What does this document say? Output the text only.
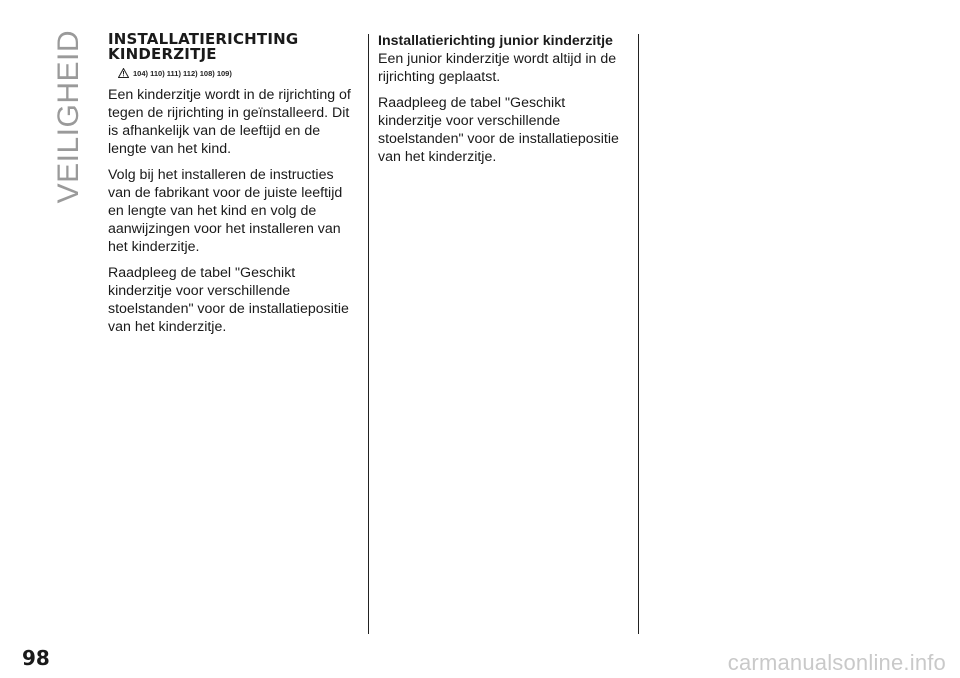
VEILIGHEID INSTALLATIERICHTING KINDERZITJE
104) 110) 111) 112) 108) 109)

Een kinderzitje wordt in de rijrichting of tegen de rijrichting in geïnstalleerd. Dit is afhankelijk van de leeftijd en de lengte van het kind.

Volg bij het installeren de instructies van de fabrikant voor de juiste leeftijd en lengte van het kind en volg de aanwijzingen voor het installeren van het kinderzitje.

Raadpleeg de tabel "Geschikt kinderzitje voor verschillende stoelstanden" voor de installatiepositie van het kinderzitje.

Installatierichting junior kinderzitje

Een junior kinderzitje wordt altijd in de rijrichting geplaatst.

Raadpleeg de tabel "Geschikt kinderzitje voor verschillende stoelstanden" voor de installatiepositie van het kinderzitje.

98	carmanualsonline.info
